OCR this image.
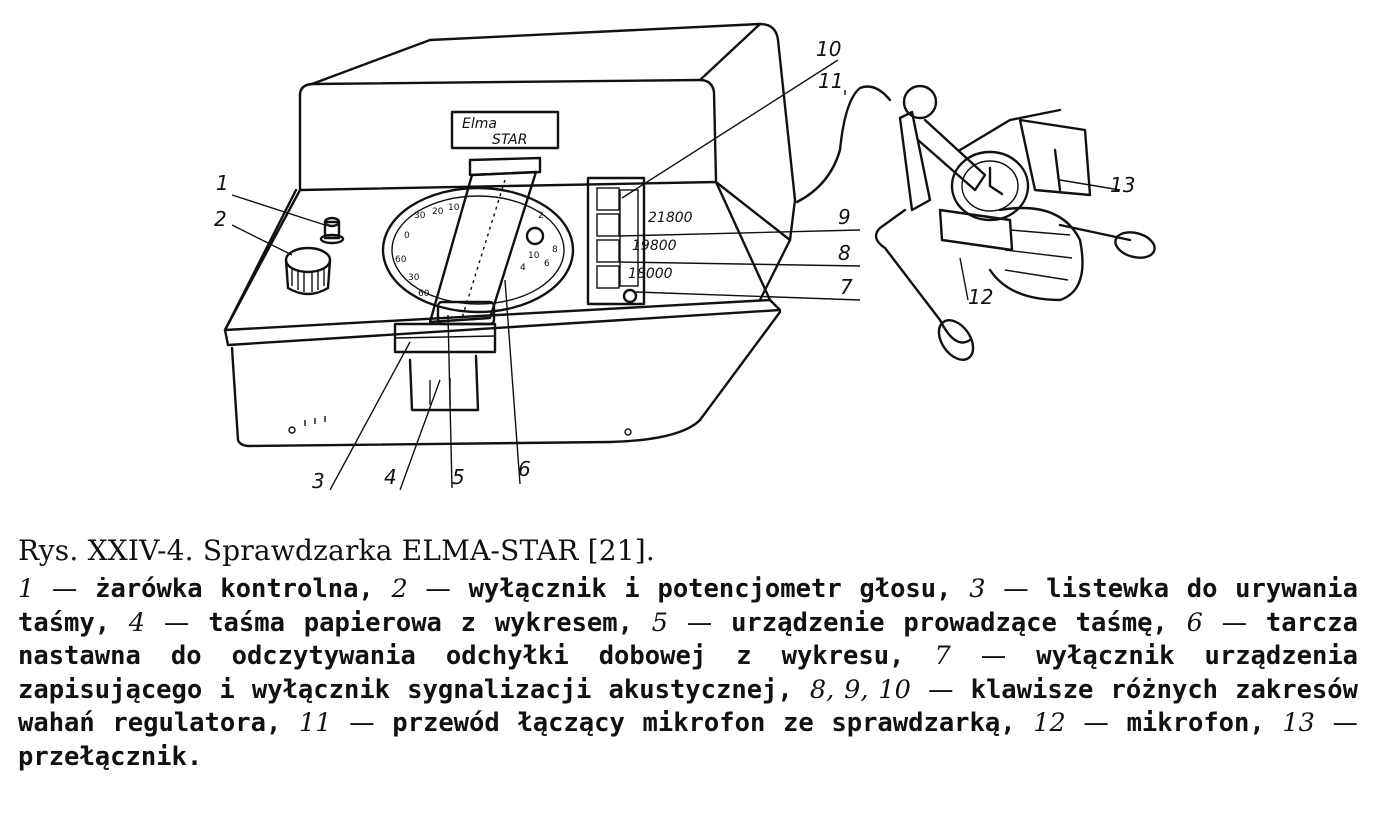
Elma
STAR
60
30 20 10
0
30
60
2
4 6
8
10
21800
19800
18000
1
2
3	4	5	6
7
8
9
10
11
12
13

Rys. XXIV-4. Sprawdzarka ELMA-STAR [21].

1 — żarówka kontrolna, 2 — wyłącznik i potencjometr głosu, 3 — listewka do urywania taśmy, 4 — taśma papierowa z wykresem, 5 — urządzenie prowadzące taśmę, 6 — tarcza nastawna do odczytywania odchyłki dobowej z wykresu, 7 — wyłącznik urządzenia zapisującego i wyłącznik sygnalizacji akustycznej, 8, 9, 10 — klawisze różnych zakresów wahań regulatora, 11 — przewód łączący mikrofon ze sprawdzarką, 12 — mikrofon, 13 — przełącznik.
